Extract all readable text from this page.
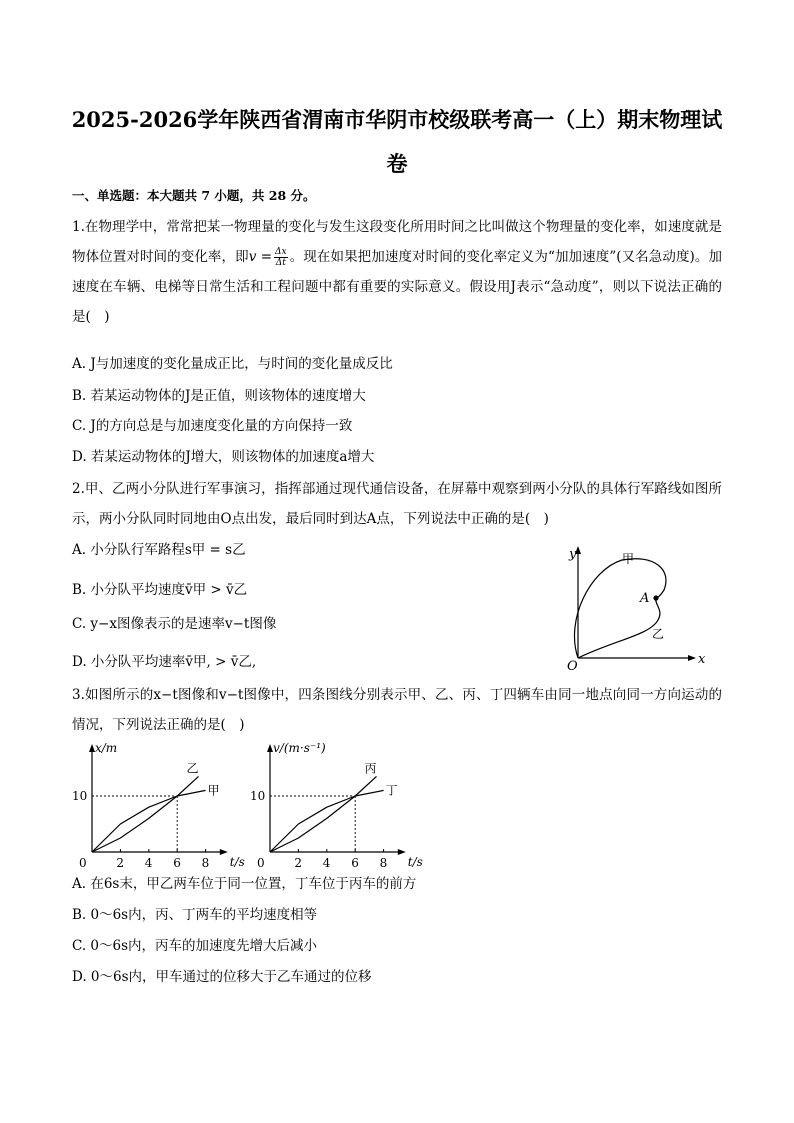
2025-2026学年陕西省渭南市华阴市校级联考高一（上）期末物理试
卷
一、单选题：本大题共 7 小题，共 28 分。
1.在物理学中，常常把某一物理量的变化与发生这段变化所用时间之比叫做这个物理量的变化率，如速度就是物体位置对时间的变化率，即$v = \frac{\Delta x}{\Delta t}$ 。现在如果把加速度对时间的变化率定义为“加加速度”(又名急动度)。加速度在车辆、电梯等日常生活和工程问题中都有重要的实际意义。假设用J表示“急动度”，则以下说法正确的是(　)
A. J与加速度的变化量成正比，与时间的变化量成反比
B. 若某运动物体的J是正值，则该物体的速度增大
C. J的方向总是与加速度变化量的方向保持一致
D. 若某运动物体的J增大，则该物体的加速度a增大
2.甲、乙两小分队进行军事演习，指挥部通过现代通信设备，在屏幕中观察到两小分队的具体行军路线如图所示，两小分队同时同地由O点出发，最后同时到达A点，下列说法中正确的是(　)
A. 小分队行军路程s甲 = s乙
B. 小分队平均速度v̄甲 > v̄乙
C. y−x图像表示的是速率v−t图像
D. 小分队平均速率v̄甲, > v̄乙,
y
x
O
A
甲
乙
3.如图所示的x−t图像和v−t图像中，四条图线分别表示甲、乙、丙、丁四辆车由同一地点向同一方向运动的情况，下列说法正确的是(　)
x/m
t/s
0 2 4 6 8
10
乙
甲
v/(m·s⁻¹)
t/s
0 2 4 6 8
10
丙
丁
A. 在6s末，甲乙两车位于同一位置，丁车位于丙车的前方
B. 0～6s内，丙、丁两车的平均速度相等
C. 0～6s内，丙车的加速度先增大后减小
D. 0～6s内，甲车通过的位移大于乙车通过的位移
